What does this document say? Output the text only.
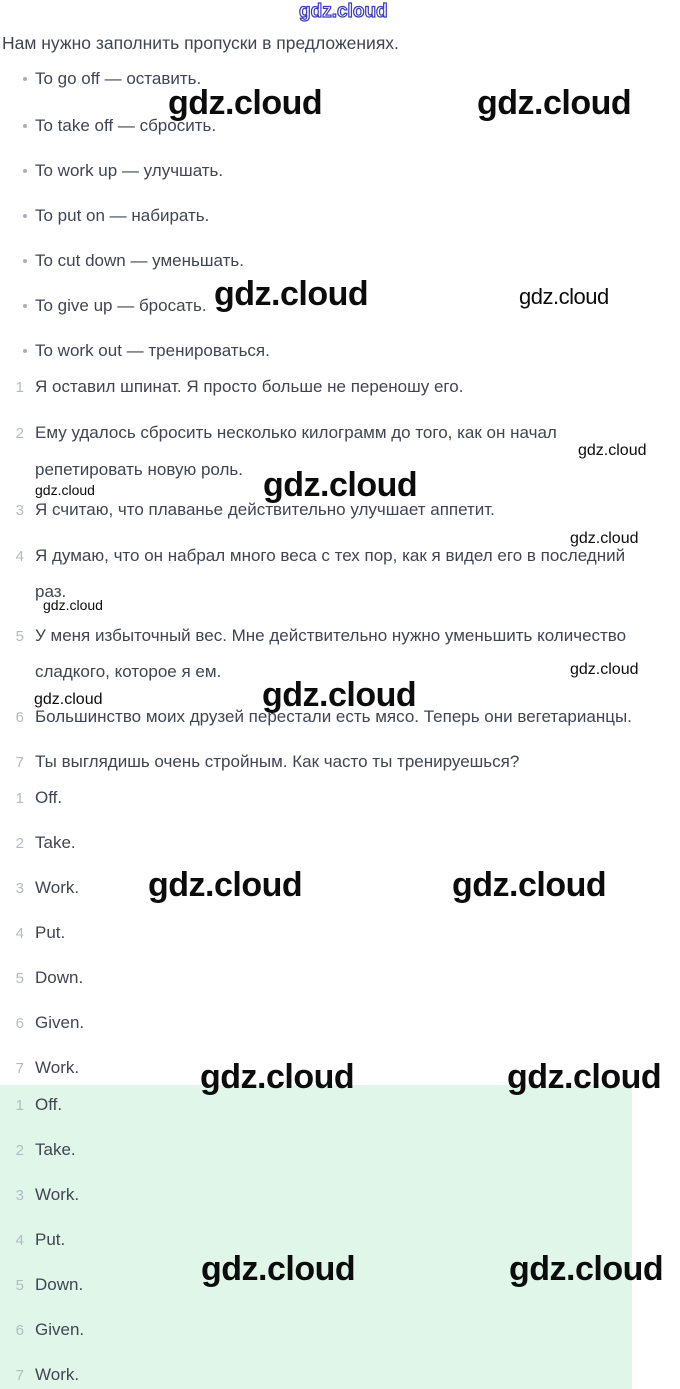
Нам нужно заполнить пропуски в предложениях.
To go off — оставить.
To take off — сбросить.
To work up — улучшать.
To put on — набирать.
To cut down — уменьшать.
To give up — бросать.
To work out — тренироваться.
1 Я оставил шпинат. Я просто больше не переношу его.
2 Ему удалось сбросить несколько килограмм до того, как он начал
репетировать новую роль.
3 Я считаю, что плаванье действительно улучшает аппетит.
4 Я думаю, что он набрал много веса с тех пор, как я видел его в последний
раз.
5 У меня избыточный вес. Мне действительно нужно уменьшить количество
сладкого, которое я ем.
6 Большинство моих друзей перестали есть мясо. Теперь они вегетарианцы.
7 Ты выглядишь очень стройным. Как часто ты тренируешься?
1 Off.
2 Take.
3 Work.
4 Put.
5 Down.
6 Given.
7 Work.
1 Off.
2 Take.
3 Work.
4 Put.
5 Down.
6 Given.
7 Work.
gdz.cloud
gdz.cloud	gdz.cloud
gdz.cloud	gdz.cloud
gdz.cloud
gdz.cloud	gdz.cloud
gdz.cloud
gdz.cloud
gdz.cloud
gdz.cloud	gdz.cloud
gdz.cloud	gdz.cloud
gdz.cloud	gdz.cloud
gdz.cloud	gdz.cloud
